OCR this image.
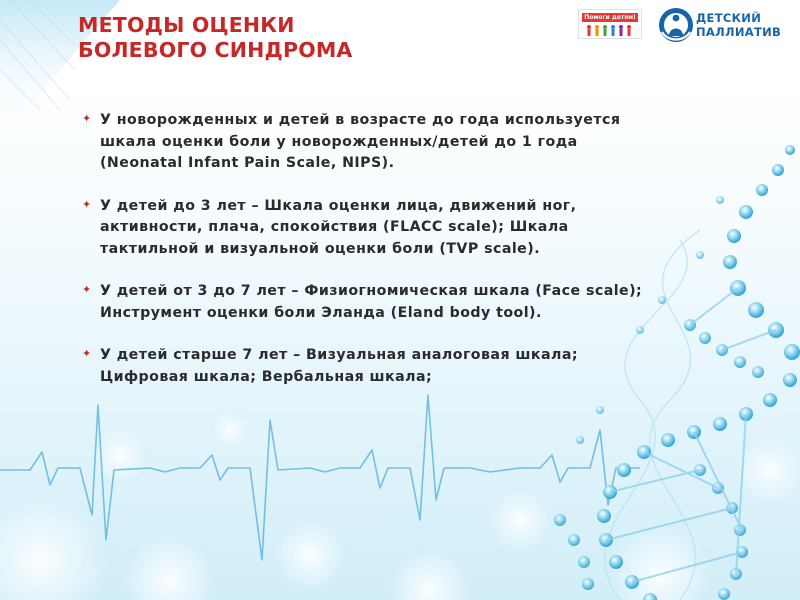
МЕТОДЫ ОЦЕНКИ
БОЛЕВОГО СИНДРОМА
Помоги детям!	ДЕТСКИЙ
ПАЛЛИАТИВ
✦ У новорожденных и детей в возрасте до года используется
шкала оценки боли у новорожденных/детей до 1 года
(Neonatal Infant Pain Scale, NIPS).
✦ У детей до 3 лет – Шкала оценки лица, движений ног,
активности, плача, спокойствия (FLACC scale); Шкала
тактильной и визуальной оценки боли (TVP scale).
✦ У детей от 3 до 7 лет – Физиогномическая шкала (Face scale);
Инструмент оценки боли Эланда (Eland body tool).
✦ У детей старше 7 лет – Визуальная аналоговая шкала;
Цифровая шкала; Вербальная шкала;
